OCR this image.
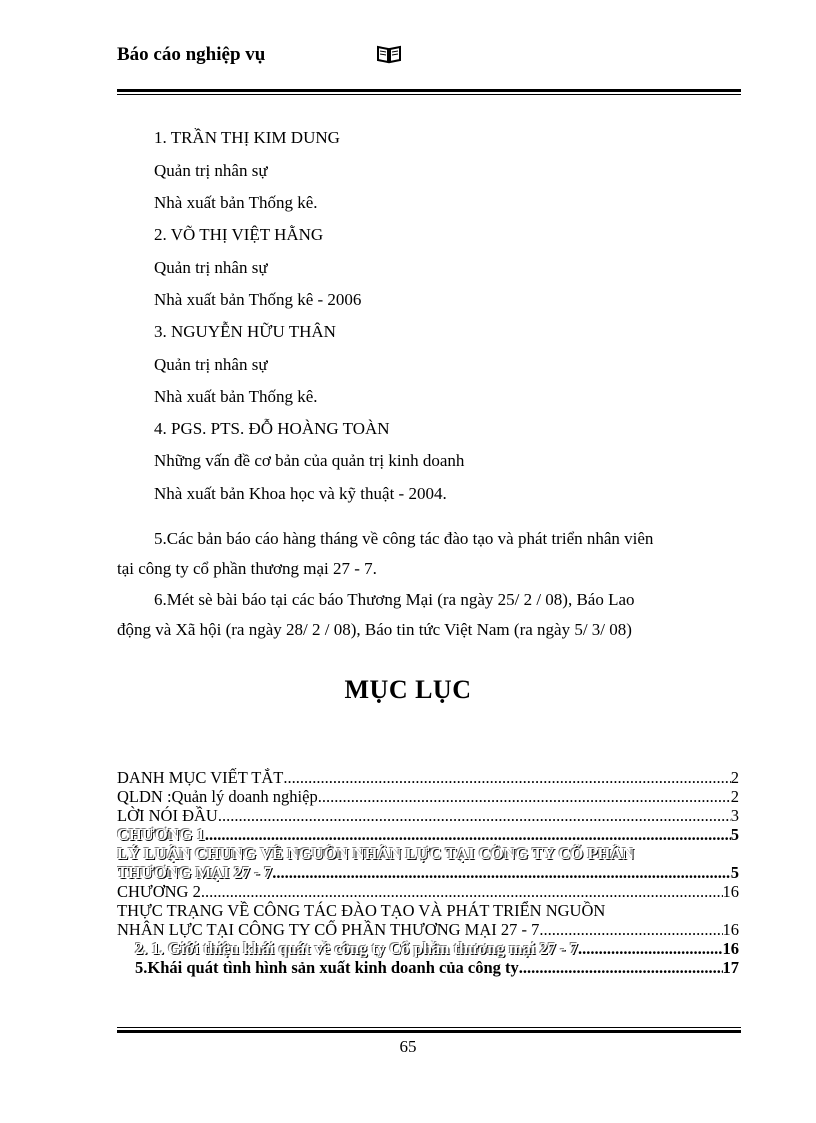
Báo cáo nghiệp vụ
1. TRẦN THỊ KIM DUNG
Quản trị nhân sự
Nhà xuất bản Thống kê.
2. VÕ THỊ VIỆT HẰNG
Quản trị nhân sự
Nhà xuất bản Thống kê - 2006
3. NGUYỄN HỮU THÂN
Quản trị nhân sự
Nhà xuất bản Thống kê.
4. PGS. PTS. ĐỖ HOÀNG TOÀN
Những vấn đề cơ bản của quản trị kinh doanh
Nhà xuất bản Khoa học và kỹ thuật - 2004.
5.Các bản báo cáo hàng tháng về công tác đào tạo và phát triển nhân viên
tại công ty cổ phần thương mại 27 - 7.
6.Mét sè bài báo tại các báo Thương Mại (ra ngày 25/ 2 / 08), Báo Lao
động và Xã hội (ra ngày 28/ 2 / 08), Báo tin tức Việt Nam (ra ngày 5/ 3/ 08)
MỤC LỤC
DANH MỤC VIẾT TẮT .....	2
QLDN :Quản lý doanh nghiệp .....	2
LỜI NÓI ĐẦU .....	3
CHƯƠNG 1 .....	5
LÝ LUẬN CHUNG VỀ NGUỒN NHÂN LỰC TẠI CÔNG TY CỔ PHẦN
THƯƠNG MẠI 27 - 7 .....	5
CHƯƠNG 2 .....	16
THỰC TRẠNG VỀ CÔNG TÁC ĐÀO TẠO VÀ PHÁT TRIỂN NGUỒN
NHÂN LỰC TẠI CÔNG TY CỔ PHẦN THƯƠNG MẠI 27 - 7 .....	16
2. 1. Giới thiệu khái quát về công ty Cổ phần thương mại 27 - 7 .....	16
5.Khái quát tình hình sản xuất kinh doanh của công ty .....	17
65
